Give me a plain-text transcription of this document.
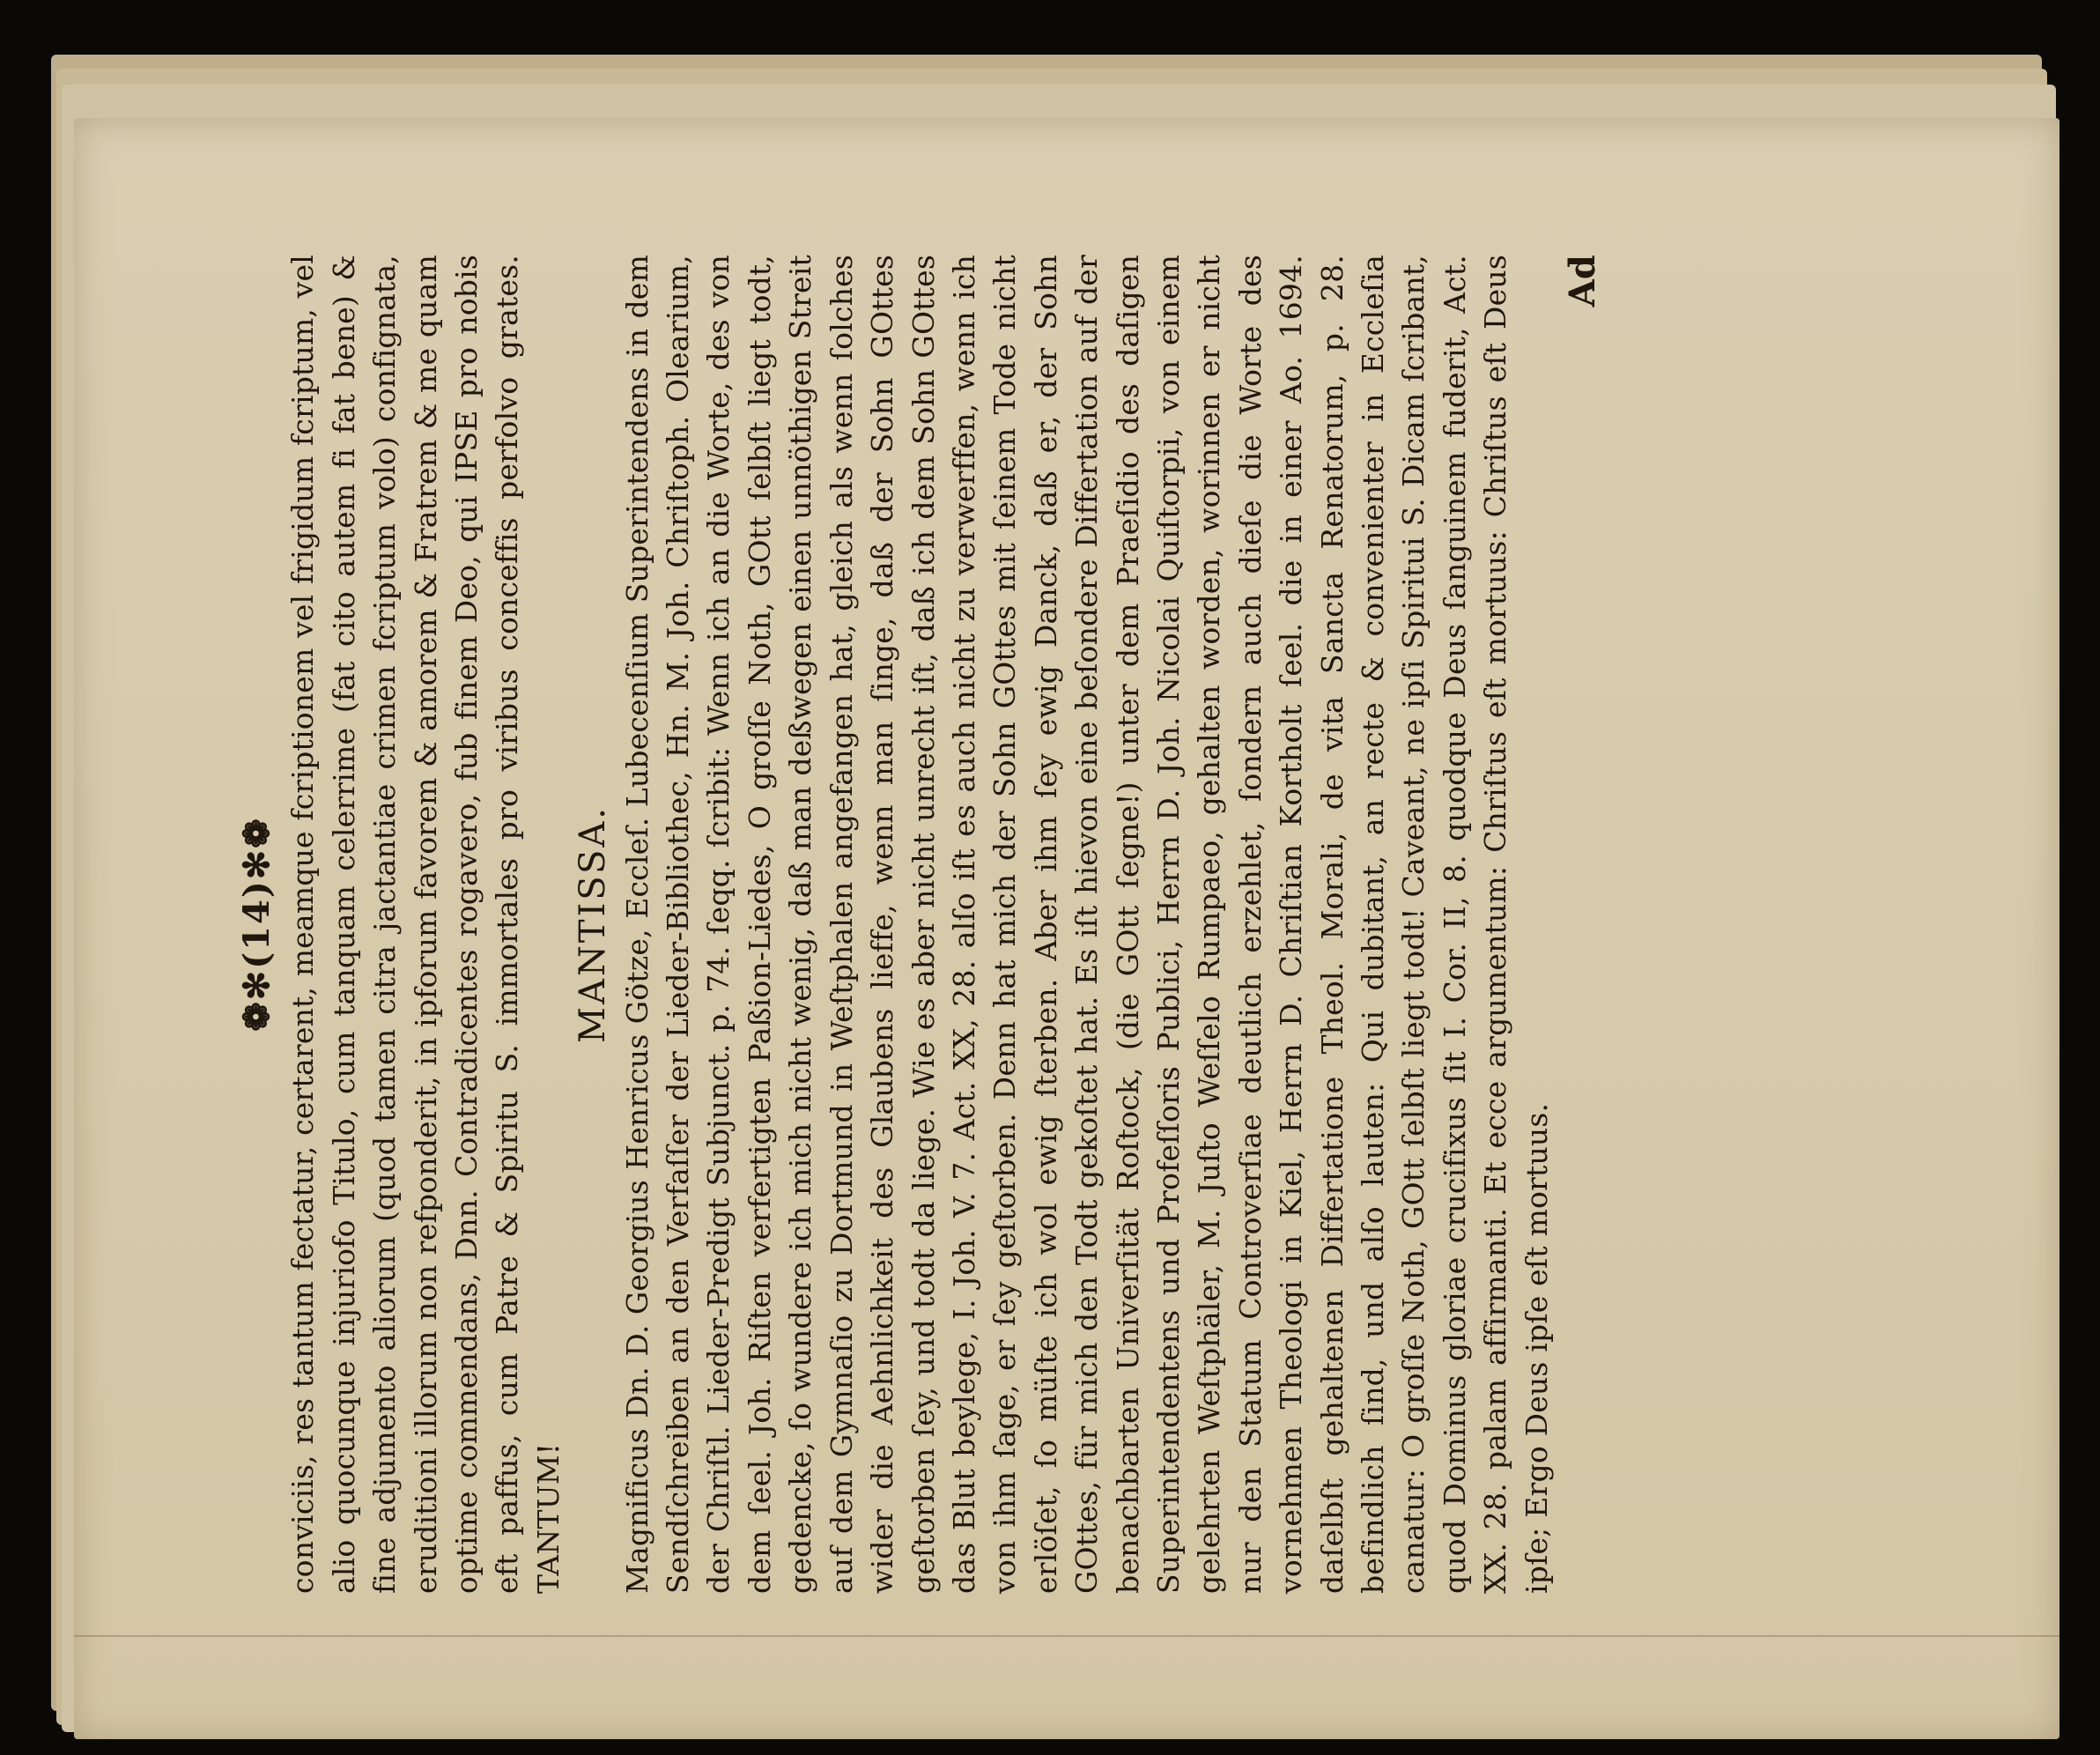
❁✻(14)✻❁ conviciis, res tantum fectatur, certarent, meamque fcriptionem vel frigidum fcriptum, vel alio quocunque injuriofo Titulo, cum tanquam celerrime (fat cito autem fi fat bene) & fine adjumento aliorum (quod tamen citra jactantiae crimen fcriptum volo) confignata, eruditioni illorum non refponderit, in ipforum favorem & amorem & Fratrem & me quam optime commendans, Dnn. Contradicentes rogavero, fub finem Deo, qui IPSE pro nobis eft paffus, cum Patre & Spiritu S. immortales pro viribus conceffis perfolvo grates. TANTUM!

MANTISSA. Magnificus Dn. D. Georgius Henricus Götze, Eccleſ. Lubecenſium Superintendens in dem Sendſchreiben an den Verfaſſer der Lieder-Bibliothec, Hn. M. Joh. Chriſtoph. Olearium, der Chriſtl. Lieder-Predigt Subjunct. p. 74. ſeqq. ſcribit: Wenn ich an die Worte, des von dem ſeel. Joh. Riſten verfertigten Paßion-Liedes, O groſſe Noth, GOtt ſelbſt liegt todt, gedencke, ſo wundere ich mich nicht wenig, daß man deßwegen einen unnöthigen Streit auf dem Gymnaſio zu Dortmund in Weſtphalen angefangen hat, gleich als wenn ſolches wider die Aehnlichkeit des Glaubens lieffe, wenn man ſinge, daß der Sohn GOttes geſtorben ſey, und todt da liege. Wie es aber nicht unrecht iſt, daß ich dem Sohn GOttes das Blut beylege, I. Joh. V. 7. Act. XX, 28. alſo iſt es auch nicht zu verwerffen, wenn ich von ihm ſage, er ſey geſtorben. Denn hat mich der Sohn GOttes mit ſeinem Tode nicht erlöſet, ſo müſte ich wol ewig ſterben. Aber ihm ſey ewig Danck, daß er, der Sohn GOttes, für mich den Todt gekoſtet hat. Es iſt hievon eine beſondere Differtation auf der benachbarten Univerſität Roſtock, (die GOtt ſegne!) unter dem Praeſidio des daſigen Superintendentens und Profeſſoris Publici, Herrn D. Joh. Nicolai Quiſtorpii, von einem gelehrten Weſtphäler, M. Juſto Weſſelo Rumpaeo, gehalten worden, worinnen er nicht nur den Statum Controverſiae deutlich erzehlet, ſondern auch dieſe die Worte des vornehmen Theologi in Kiel, Herrn D. Chriſtian Kortholt ſeel. die in einer Ao. 1694. daſelbſt gehaltenen Differtatione Theol. Morali, de vita Sancta Renatorum, p. 28. befindlich ſind, und alſo lauten: Qui dubitant, an recte & convenienter in Eccleſia canatur: O groſſe Noth, GOtt ſelbſt liegt todt! Caveant, ne ipſi Spiritui S. Dicam ſcribant, quod Dominus gloriae crucifixus ſit I. Cor. II, 8. quodque Deus ſanguinem fuderit, Act. XX. 28. palam affirmanti. Et ecce argumentum: Chriſtus eſt mortuus: Chriſtus eſt Deus ipſe; Ergo Deus ipſe eſt mortuus.

Ad
